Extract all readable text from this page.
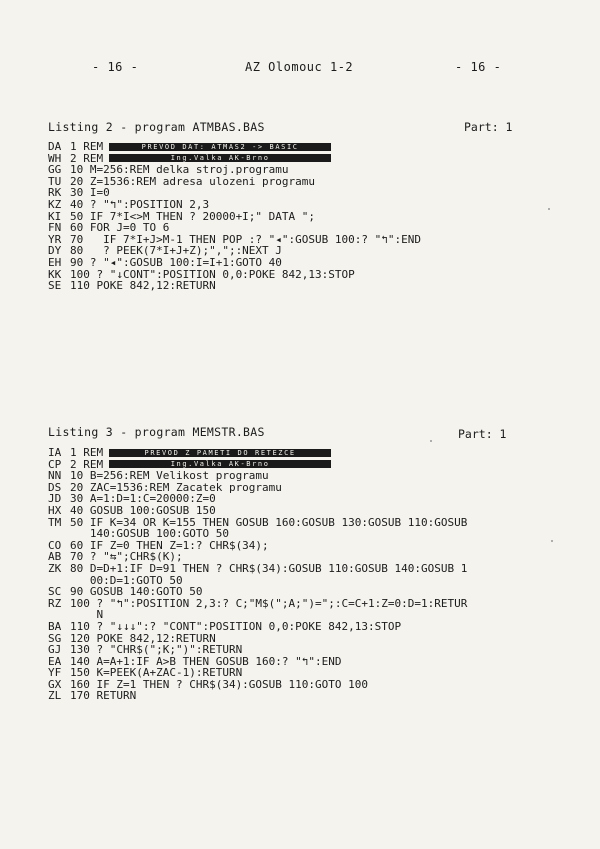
- 16 -	AZ Olomouc 1-2	- 16 -
Listing 2 - program ATMBAS.BAS	Part: 1
DA 1 REM	PREVOD DAT: ATMAS2 -> BASIC
WH 2 REM	Ing.Valka AK-Brno
GG 10 M=256:REM delka stroj.programu
TU 20 Z=1536:REM adresa ulozeni programu
RK 30 I=0
KZ 40 ? "↰":POSITION 2,3
KI 50 IF 7*I<>M THEN ? 20000+I;" DATA ";
FN 60 FOR J=0 TO 6
YR 70   IF 7*I+J>M-1 THEN POP :? "◂":GOSUB 100:? "↰":END
DY 80   ? PEEK(7*I+J+Z);",";:NEXT J
EH 90 ? "◂":GOSUB 100:I=I+1:GOTO 40
KK 100 ? "↓CONT":POSITION 0,0:POKE 842,13:STOP
SE 110 POKE 842,12:RETURN
Listing 3 - program MEMSTR.BAS	Part: 1
IA 1 REM	PREVOD Z PAMETI DO RETEZCE
CP 2 REM	Ing.Valka AK-Brno
NN 10 B=256:REM Velikost programu
DS 20 ZAC=1536:REM Zacatek programu
JD 30 A=1:D=1:C=20000:Z=0
HX 40 GOSUB 100:GOSUB 150
TM 50 IF K=34 OR K=155 THEN GOSUB 160:GOSUB 130:GOSUB 110:GOSUB
140:GOSUB 100:GOTO 50
CO 60 IF Z=0 THEN Z=1:? CHR$(34);
AB 70 ? "⇆";CHR$(K);
ZK 80 D=D+1:IF D=91 THEN ? CHR$(34):GOSUB 110:GOSUB 140:GOSUB 1
00:D=1:GOTO 50
SC 90 GOSUB 140:GOTO 50
RZ 100 ? "↰":POSITION 2,3:? C;"M$(";A;")=";:C=C+1:Z=0:D=1:RETUR
N
BA 110 ? "↓↓↓":? "CONT":POSITION 0,0:POKE 842,13:STOP
SG 120 POKE 842,12:RETURN
GJ 130 ? "CHR$(";K;")":RETURN
EA 140 A=A+1:IF A>B THEN GOSUB 160:? "↰":END
YF 150 K=PEEK(A+ZAC-1):RETURN
GX 160 IF Z=1 THEN ? CHR$(34):GOSUB 110:GOTO 100
ZL 170 RETURN
